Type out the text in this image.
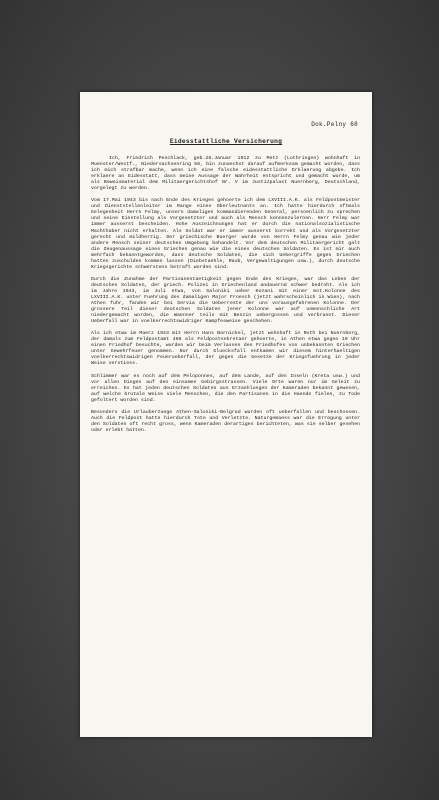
Dok.Pelny 68
Eidesstattliche Versicherung

Ich, Friedrich Peschlack, geb.28.Januar 1912 zu Metz (Lothringen) wohnhaft in Muenster/Westf., Niedersachsenring 56, bin zunaechst darauf aufmerksam gemacht worden, dass ich mich strafbar mache, wenn ich eine falsche eidesstattliche Erklaerung abgebe. Ich erklaere an Eidesstatt, dass meine Aussage der Wahrheit entspricht und gemacht wurde, um als Beweismaterial dem Militaergerichtshof Nr. V im Justizpalast Nuernberg, Deutschland, vorgelegt zu werden.

Vom 17.Mai 1943 bis nach Ende des Krieges gehoerte ich dem LXVIII.A.K. als Feldpostmeister und Dienststellenleiter im Range eines Oberleutnants an. Ich hatte hierdurch oftmals Gelegenheit Herrn Felmy, unsern damaligen kommandierenden General, persoenlich zu sprechen und seine Einstellung als Vorgesetzter und auch als Mensch kennenzulernen. Herr Felmy war immer ausserst bescheiden. Hohe Auszeichnungen hat er durch die nationalsozialistische Machthaber nicht erhalten. Als Soldat war er immer ausserst korrekt und als Vorgesetzter gerecht und mildherzig. Der griechische Buerger wurde von Herrn Felmy genau wie jeder andere Mensch seiner deutschen Umgebung behandelt. Vor dem deutschen Militaergericht galt die Zeugenaussage eines Griechen genau wie die eines deutschen Soldaten. Es ist mir auch mehrfach bekanntgeworden, dass deutsche Soldaten, die sich Uebergriffe gegen Griechen hatten zuschulden kommen lassen (Diebstaehle, Raub, Vergewaltigungen usw.), durch deutsche Kriegsgerichte schwerstens betraft worden sind.

Durch die Zunahme der Partisanentaetigkeit gegen Ende des Krieges, war das Leben der deutschen Soldaten, der griech. Polizei in Griechenland andauernd schwer bedroht. Als ich im Jahre 1943, im Juli etwa, von Saloniki ueber Kozani mit einer mot.Kolonne des LXVIII.A.K. unter Fuehrung des damaligen Major Froesch (jetzt wahrscheinlich in Wien), nach Athen fuhr, fanden wir bei Servia die Ueberreste der uns vorausgefahrenen Kolonne. Der grossere Teil dieser deutschen Soldaten jener Kolonne war auf unmenschliche Art niedergemacht worden, die Waenner teils mit Benzin uebergossen und verbrannt. Dieser Ueberfall war in voelkerrechtswidriger Kampfesweise geschehen.

Als ich etwa im Maerz 1943 mit Herrn Hans Barnickel, jetzt wohnhaft in Roth bei Nuernberg, der damals zum Feldpostamt 468 als Feldpostsekretaer gehoerte, in Athen etwa gegen 19 Uhr einen Friedhof besuchte, wurden wir beim Verlassen des Friedhofes von unbekannten Griechen unter Gewehrfeuer genommen. Nur durch Gluecksfall entkamen wir diesem hinterhaeltigen voelkerrechtswidrigen Feuerueberfall, der gegen die Gesetze der Kriegsfuehrung in jeder Weise verstiess.

Schlimmer war es noch auf dem Peloponnes, auf dem Lande, auf den Inseln (Kreta usw.) und vor allen Dingen auf den einsamen Gebirgsstrassen. Viele Orte waren nur im Geleit zu erreichen. Es hat jeden deutschen Soldaten aus Erzaehlungen der Kameraden bekannt gewesen, auf welche brutale Weise viele Menschen, die den Partisanen in die Haende fielen, zu Tode gefoltert worden sind.

Besonders die Urlauberzuege Athen-Saloniki-Belgrad wurden oft ueberfallen und beschossen. Auch die Feldpost hatte hierdurch Tote und Verletzte. Naturgemaess war die Erregung unter den Soldaten oft recht gross, wenn Kameraden derartiges berichteten, was sie selber gesehen oder erlebt hatten.
